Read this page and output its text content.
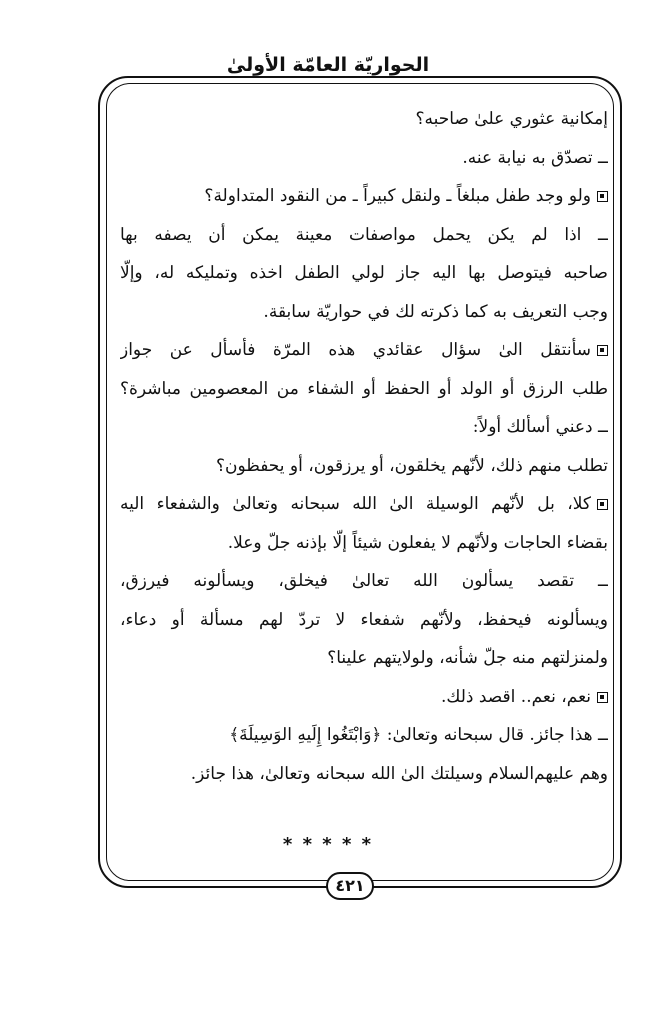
الحواريّة العامّة الأولىٰ
إمكانية عثوري علىٰ صاحبه؟
ــ تصدّق به نيابة عنه.
ولو وجد طفل مبلغاً ـ ولنقل كبيراً ـ من النقود المتداولة؟
ــ اذا لم يكن يحمل مواصفات معينة يمكن أن يصفه بها
صاحبه فيتوصل بها اليه جاز لولي الطفل اخذه وتمليكه له، وإلّا
وجب التعريف به كما ذكرته لك في حواريّة سابقة.
سأنتقل الىٰ سؤال عقائدي هذه المرّة فأسأل عن جواز
طلب الرزق أو الولد أو الحفظ أو الشفاء من المعصومين مباشرة؟
ــ دعني أسألك أولاً:
تطلب منهم ذلك، لأنّهم يخلقون، أو يرزقون، أو يحفظون؟
كلا، بل لأنّهم الوسيلة الىٰ الله سبحانه وتعالىٰ والشفعاء اليه
بقضاء الحاجات ولأنّهم لا يفعلون شيئاً إلّا بإذنه جلّ وعلا.
ــ تقصد يسألون الله تعالىٰ فيخلق، ويسألونه فيرزق،
ويسألونه فيحفظ، ولأنّهم شفعاء لا تردّ لهم مسألة أو دعاء،
ولمنزلتهم منه جلّ شأنه، ولولايتهم علينا؟
نعم، نعم.. اقصد ذلك.
ــ هذا جائز. قال سبحانه وتعالىٰ: ﴿وَابْتَغُوا إِلَيهِ الوَسِيلَةَ﴾
وهم عليهم‌السلام وسيلتك الىٰ الله سبحانه وتعالىٰ، هذا جائز.
* * * * *
٤٢١
